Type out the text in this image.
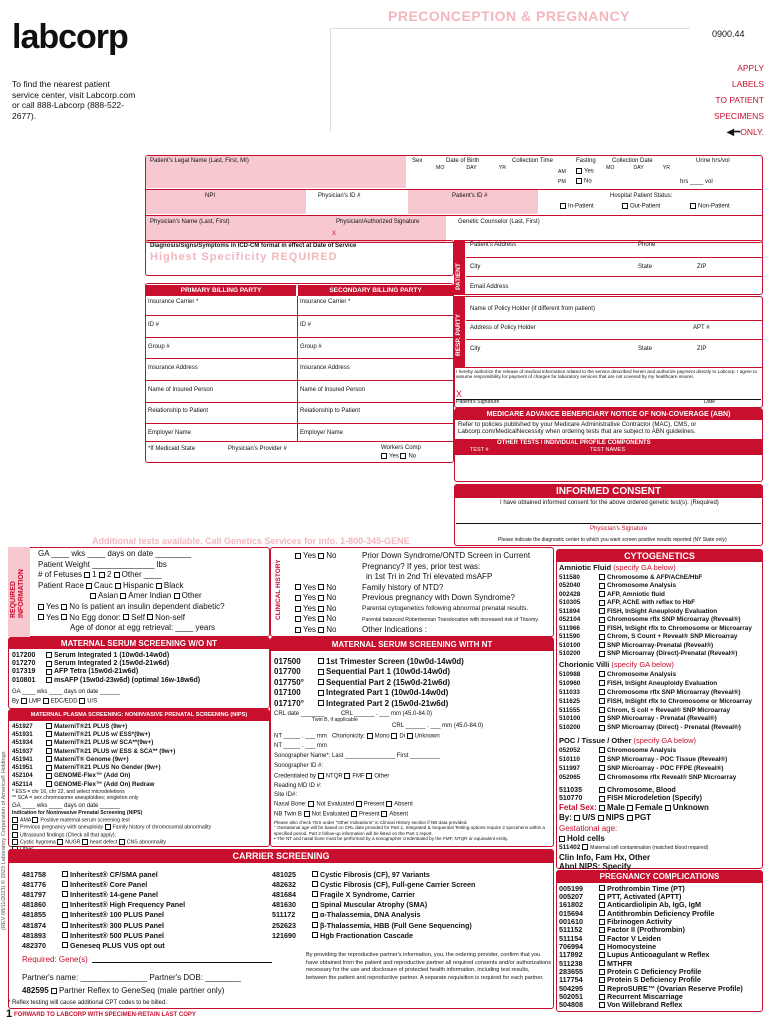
labcorp
PRECONCEPTION & PREGNANCY
0900.44
APPLY
LABELS
TO PATIENT
SPECIMENS
◀━ONLY.
To find the nearest patient service center, visit Labcorp.com or call 888-Labcorp (888-522-2677).
Patient's Legal Name (Last, First, MI)	Sex	Date of Birth
MO	DAY	YR
Collection Time
AM
PM
Fasting
Yes
No
Collection Date
MO	DAY	YR
Urine hrs/vol
hrs ____ vol
NPI	Physician's ID #	Patient's ID #	Hospital Patient Status:
In-Patient	Out-Patient	Non-Patient
Physician's Name (Last, First)	Physician/Authorized Signature
X
Genetic Counselor (Last, First)
Diagnosis/Signs/Symptoms in ICD-CM format in effect at Date of Service
Highest Specificity REQUIRED
PATIENT
Patient's Address	Phone
City	State	ZIP
Email Address
PRIMARY BILLING PARTY	SECONDARY BILLING PARTY
Insurance Carrier *	Insurance Carrier *
ID #	ID #
Group #	Group #
Insurance Address	Insurance Address
Name of Insured Person	Name of Insured Person
Relationship to Patient	Relationship to Patient
Employer Name	Employer Name
*If Medicaid State	Physician's Provider #	Workers Comp
Yes No
RESP. PARTY
Name of Policy Holder (if different from patient)
Address of Policy Holder	APT #
City	State	ZIP
I hereby authorize the release of medical information related to the service described herein and authorize payment directly to Labcorp. I agree to assume responsibility for payment of charges for laboratory services that are not covered by my healthcare insurer.
X
Patient's Signature	Date
MEDICARE ADVANCE BENEFICIARY NOTICE OF NON-COVERAGE (ABN)
Refer to policies published by your Medicare Administrative Contractor (MAC), CMS, or Labcorp.com/MedicalNecessity when ordering tests that are subject to ABN guidelines.
OTHER TESTS / INDIVIDUAL PROFILE COMPONENTS
TEST #	TEST NAMES
INFORMED CONSENT
I have obtained informed consent for the above ordered genetic test(s). (Required)
Physician's Signature
Please indicate the diagnostic center to which you want screen positive results reported (NY State only)
Additional tests available. Call Genetics Services for info. 1-800-345-GENE
REQUIRED INFORMATION
GA ____ wks ____ days on date ________
Patient Weight ______________ lbs
# of Fetuses 1 2 Other ____
Patient Race Cauc Hispanic Black
Asian Amer Indian Other
Yes No Is patient an insulin dependent diabetic?
Yes No Egg donor: Self Non-self
Age of donor at egg retrieval: ____ years
CLINICAL HISTORY
Yes No
Yes No
Yes No
Yes No
Yes No
Yes No
Prior Down Syndrome/ONTD Screen in Current Pregnancy? If yes, prior test was:
in 1st Tri in 2nd Tri elevated msAFP
Family history of NTD?
Previous pregnancy with Down Syndrome?
Parental cytogenetics following abnormal prenatal results.
Parental balanced Robertsonian Translocation with increased risk of Trisomy.
Other Indications :
MATERNAL SERUM SCREENING W/O NT
017200	Serum Integrated 1 (10w0d-14w0d)
017270	Serum Integrated 2 (15w0d-21w6d)
017319	AFP Tetra (15w0d-21w6d)
010801	msAFP (15w0d-23w6d) (optimal 16w-18w6d)
GA ____ wks ____ days on date ______
By LMP EDC/EDD U/S
MATERNAL PLASMA SCREENING: NONINVASIVE PRENATAL SCREENING (NIPS)
451927	MaterniT®21 PLUS (9w+)
451931	MaterniT®21 PLUS w/ ESS*(9w+)
451934	MaterniT®21 PLUS w/ SCA**(9w+)
451937	MaterniT®21 PLUS w/ ESS & SCA** (9w+)
451941	MaterniT® Genome (9w+)
451951	MaterniT®21 PLUS No Gender (9w+)
452104	GENOME-Flex™ (Add On)
452114	GENOME-Flex™ (Add On) Redraw
* ESS = chr 16, chr 22, and select microdeletions
** SCA = sex chromosome aneuploidies; singleton only
GA ____ wks ____ days on date ______
Indication for Noninvasive Prenatal Screening (NIPS)
AMA Positive maternal serum screening test
Previous pregnancy with aneuploidy Family history of chromosomal abnormality
Ultrasound findings (Check all that apply):
Cystic hygroma NUGR heart defect CNS abnormality

MATERNAL SERUM SCREENING WITH NT
017500	1st Trimester Screen (10w0d-14w0d)
017700	Sequential Part 1 (10w0d-14w0d)
017750°	Sequential Part 2 (15w0d-21w6d)
017100	Integrated Part 1 (10w0d-14w0d)
017170°	Integrated Part 2 (15w0d-21w6d)
CRL date _______          CRL ______ . ___ mm (45.0-84.0)
Twin B, if applicable
CRL ______ . ___ mm (45.0-84.0)
NT _____ . ___ mm Chorionicity: Mono Di Unknown
NT _____ . ___ mm
Sonographer Name*: Last _______________ First _________
Sonographer ID #:
Credentialed by NTQR FMF Other
Reading MD ID #:
Site ID#:
Nasal Bone: Not Evaluated Present Absent
NB Twin B Not Evaluated Present Absent
Please also check YES under "Other Indications" in Clinical History section if NB data provided.
° Gestational age will be based on CRL date provided for Part 1, Integrated & Sequential Testing options require 2 specimens within a specified period. Part 2 follow-up information will be listed on the Part 1 report.
• The NT and nasal bone must be performed by a sonographer credentialed by the FMF, NTQR or equivalent entity.
CARRIER SCREENING
481758	Inheritest® CF/SMA panel
481776	Inheritest® Core Panel
481797	Inheritest® 14-gene Panel
481860	Inheritest® High Frequency Panel
481855	Inheritest® 100 PLUS Panel
481874	Inheritest® 300 PLUS Panel
481893	Inheritest® 500 PLUS Panel
482370	Geneseq PLUS VUS opt out
481025	Cystic Fibrosis (CF), 97 Variants
482632	Cystic Fibrosis (CF), Full-gene Carrier Screen
481684	Fragile X Syndrome, Carrier
481630	Spinal Muscular Atrophy (SMA)
511172	α-Thalassemia, DNA Analysis
252623	β-Thalassemia, HBB (Full Gene Sequencing)
121690	Hgb Fractionation Cascade
Required: Gene(s)
Partner's name: _______________ Partner's DOB: ________
482595 Partner Reflex to GeneSeq (male partner only)
By providing the reproductive partner's information, you, the ordering provider, confirm that you have obtained from the patient and reproductive partner all required consents and/or authorizations necessary for the use and disclosure of protected health information, including test results, between the patient and reproductive partner. A separate requisition is required for each partner.
* Reflex testing will cause additional CPT codes to be billed.
1 FORWARD TO LABCORP WITH SPECIMEN-RETAIN LAST COPY
(REV 08/11/2023) © 2023 Laboratory Corporation of America® Holdings
CYTOGENETICS
Amniotic Fluid (specify GA below)
511580	Chromosome & AFP/AChE/HbF
052040	Chromosome Analysis
002428	AFP, Amniotic fluid
510305	AFP, AChE with reflex to HbF
511894	FISH, InSight Aneuploidy Evaluation
052104	Chromosome rflx SNP Microarray (Reveal®)
511966	FISH, InSight rflx to Chromosome or Microarray
511590	Chrom, S Count + Reveal® SNP Microarray
510100	SNP Microarray-Prenatal (Reveal®)
510200	SNP Microarray (Direct)-Prenatal (Reveal®)
Chorionic Villi (specify GA below)
510988	Chromosome Analysis
510960	FISH, InSight Aneuploidy Evaluation
511033	Chromosome rflx SNP Microarray (Reveal®)
511625	FISH, InSight rflx to Chromosome or Microarray
511555	Chrom, S coll + Reveal® SNP Microarray
510100	SNP Microarray - Prenatal (Reveal®)
510200	SNP Microarray (Direct) - Prenatal (Reveal®)
POC / Tissue / Other (specify GA below)
052052	Chromosome Analysis
510110	SNP Microarray - POC Tissue (Reveal®)
511997	SNP Microarray - POC FFPE (Reveal®)
052065	Chromosome rflx Reveal® SNP Microarray
511035	Chromosome, Blood
510770	FISH Microdeletion (Specify)
Fetal Sex: Male Female Unknown
By: U/S NIPS PGT
Gestational age:
Hold cells
511402 Maternal cell contamination (matched blood required)
Clin Info, Fam Hx, Other
Abnl NIPS: Specify
PREGNANCY COMPLICATIONS
005199	Prothrombin Time (PT)
005207	PTT, Activated (APTT)
161802	Anticardiolipin Ab, IgG, IgM
015694	Antithrombin Deficiency Profile
001610	Fibrinogen Activity
511152	Factor II (Prothrombin)
511154	Factor V Leiden
706994	Homocysteine
117892	Lupus Anticoagulant w Reflex
511238	MTHFR
283655	Protein C Deficiency Profile
117754	Protein S Deficiency Profile
504295	ReproSURE™ (Ovarian Reserve Profile)
502051	Recurrent Miscarriage
504808	Von Willebrand Reflex
